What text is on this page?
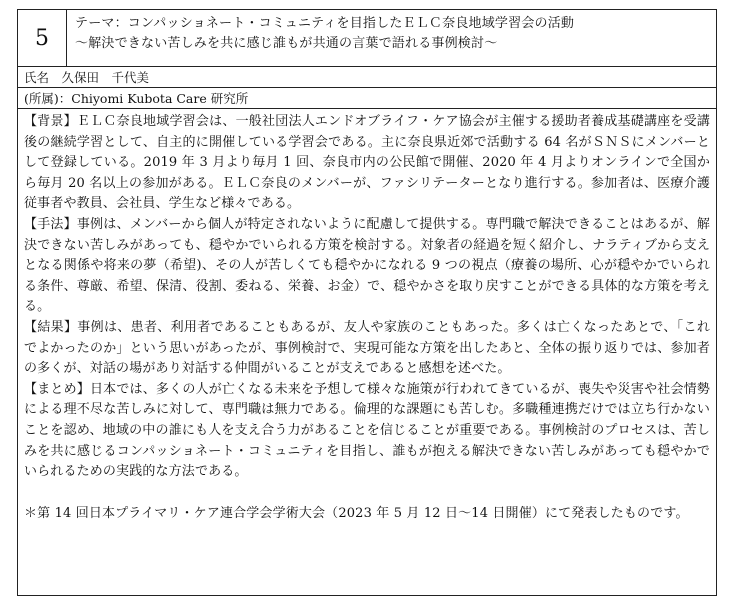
5
テーマ：コンパッショネート・コミュニティを目指したＥＬＣ奈良地域学習会の活動
～解決できない苦しみを共に感じ誰もが共通の言葉で語れる事例検討～
氏名　久保田　千代美
(所属)：Chiyomi Kubota Care 研究所

【背景】ＥＬＣ奈良地域学習会は、一般社団法人エンドオブライフ・ケア協会が主催する援助者養成基礎講座を受講後の継続学習として、自主的に開催している学習会である。主に奈良県近郊で活動する 64 名がＳＮＳにメンバーとして登録している。2019 年 3 月より毎月 1 回、奈良市内の公民館で開催、2020 年 4 月よりオンラインで全国から毎月 20 名以上の参加がある。ＥＬＣ奈良のメンバーが、ファシリテーターとなり進行する。参加者は、医療介護従事者や教員、会社員、学生など様々である。

【手法】事例は、メンバーから個人が特定されないように配慮して提供する。専門職で解決できることはあるが、解決できない苦しみがあっても、穏やかでいられる方策を検討する。対象者の経過を短く紹介し、ナラティブから支えとなる関係や将来の夢（希望)、その人が苦しくても穏やかになれる 9 つの視点（療養の場所、心が穏やかでいられる条件、尊厳、希望、保清、役割、委ねる、栄養、お金）で、穏やかさを取り戻すことができる具体的な方策を考える。

【結果】事例は、患者、利用者であることもあるが、友人や家族のこともあった。多くは亡くなったあとで、「これでよかったのか」という思いがあったが、事例検討で、実現可能な方策を出したあと、全体の振り返りでは、参加者の多くが、対話の場があり対話する仲間がいることが支えであると感想を述べた。

【まとめ】日本では、多くの人が亡くなる未来を予想して様々な施策が行われてきているが、喪失や災害や社会情勢による理不尽な苦しみに対して、専門職は無力である。倫理的な課題にも苦しむ。多職種連携だけでは立ち行かないことを認め、地域の中の誰にも人を支え合う力があることを信じることが重要である。事例検討のプロセスは、苦しみを共に感じるコンパッショネート・コミュニティを目指し、誰もが抱える解決できない苦しみがあっても穏やかでいられるための実践的な方法である。

＊第 14 回日本プライマリ・ケア連合学会学術大会（2023 年 5 月 12 日～14 日開催）にて発表したものです。
